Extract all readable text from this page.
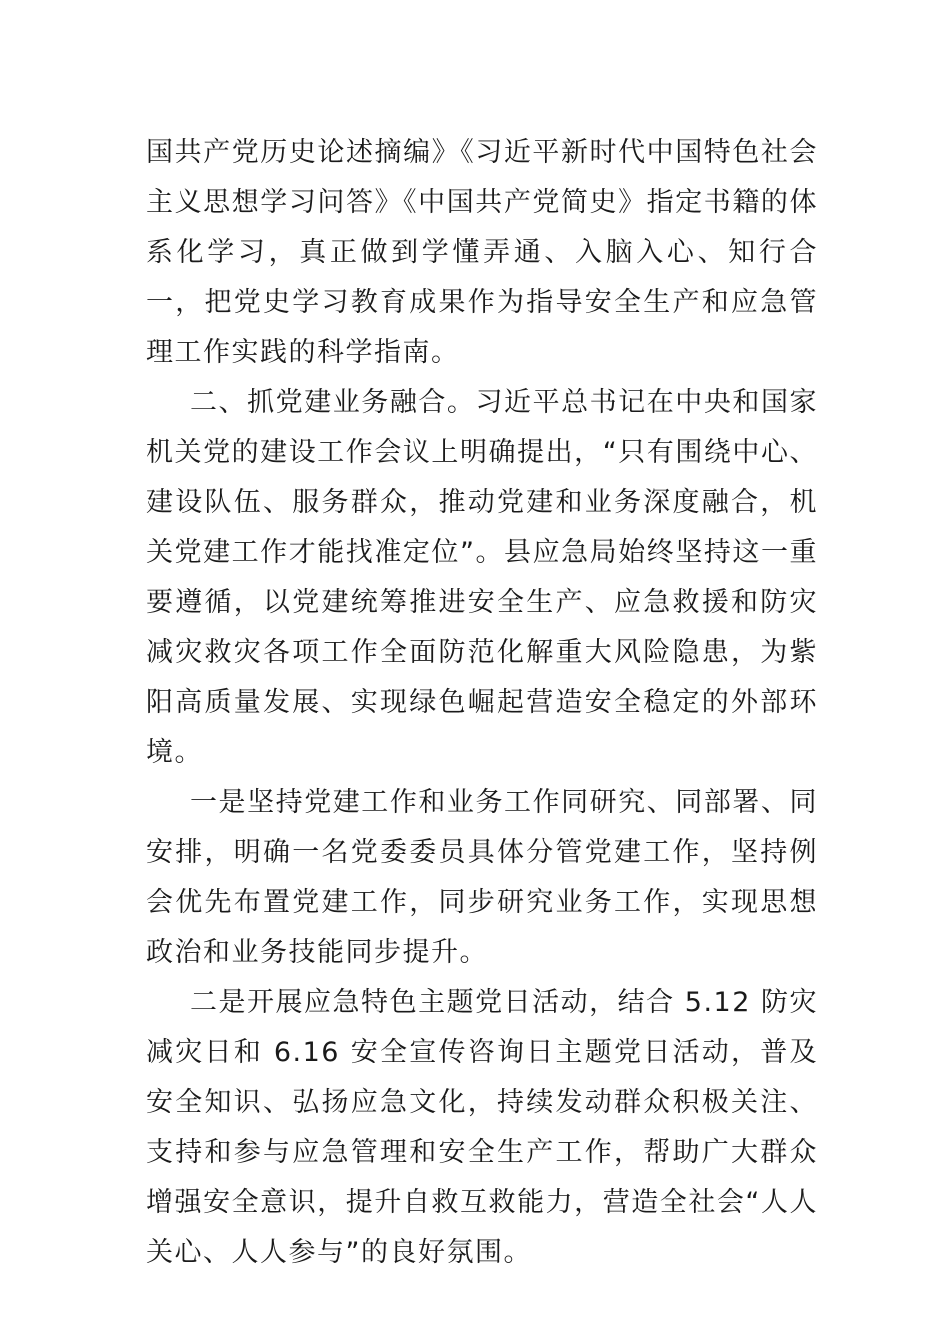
国共产党历史论述摘编》《习近平新时代中国特色社会主义思想学习问答》《中国共产党简史》指定书籍的体系化学习，真正做到学懂弄通、入脑入心、知行合一，把党史学习教育成果作为指导安全生产和应急管理工作实践的科学指南。

二、抓党建业务融合。习近平总书记在中央和国家机关党的建设工作会议上明确提出，“只有围绕中心、建设队伍、服务群众，推动党建和业务深度融合，机关党建工作才能找准定位”。县应急局始终坚持这一重要遵循，以党建统筹推进安全生产、应急救援和防灾减灾救灾各项工作全面防范化解重大风险隐患，为紫阳高质量发展、实现绿色崛起营造安全稳定的外部环境。

一是坚持党建工作和业务工作同研究、同部署、同安排，明确一名党委委员具体分管党建工作，坚持例会优先布置党建工作，同步研究业务工作，实现思想政治和业务技能同步提升。

二是开展应急特色主题党日活动，结合 5.12 防灾减灾日和 6.16 安全宣传咨询日主题党日活动，普及安全知识、弘扬应急文化，持续发动群众积极关注、支持和参与应急管理和安全生产工作，帮助广大群众增强安全意识，提升自救互救能力，营造全社会“人人关心、人人参与”的良好氛围。
